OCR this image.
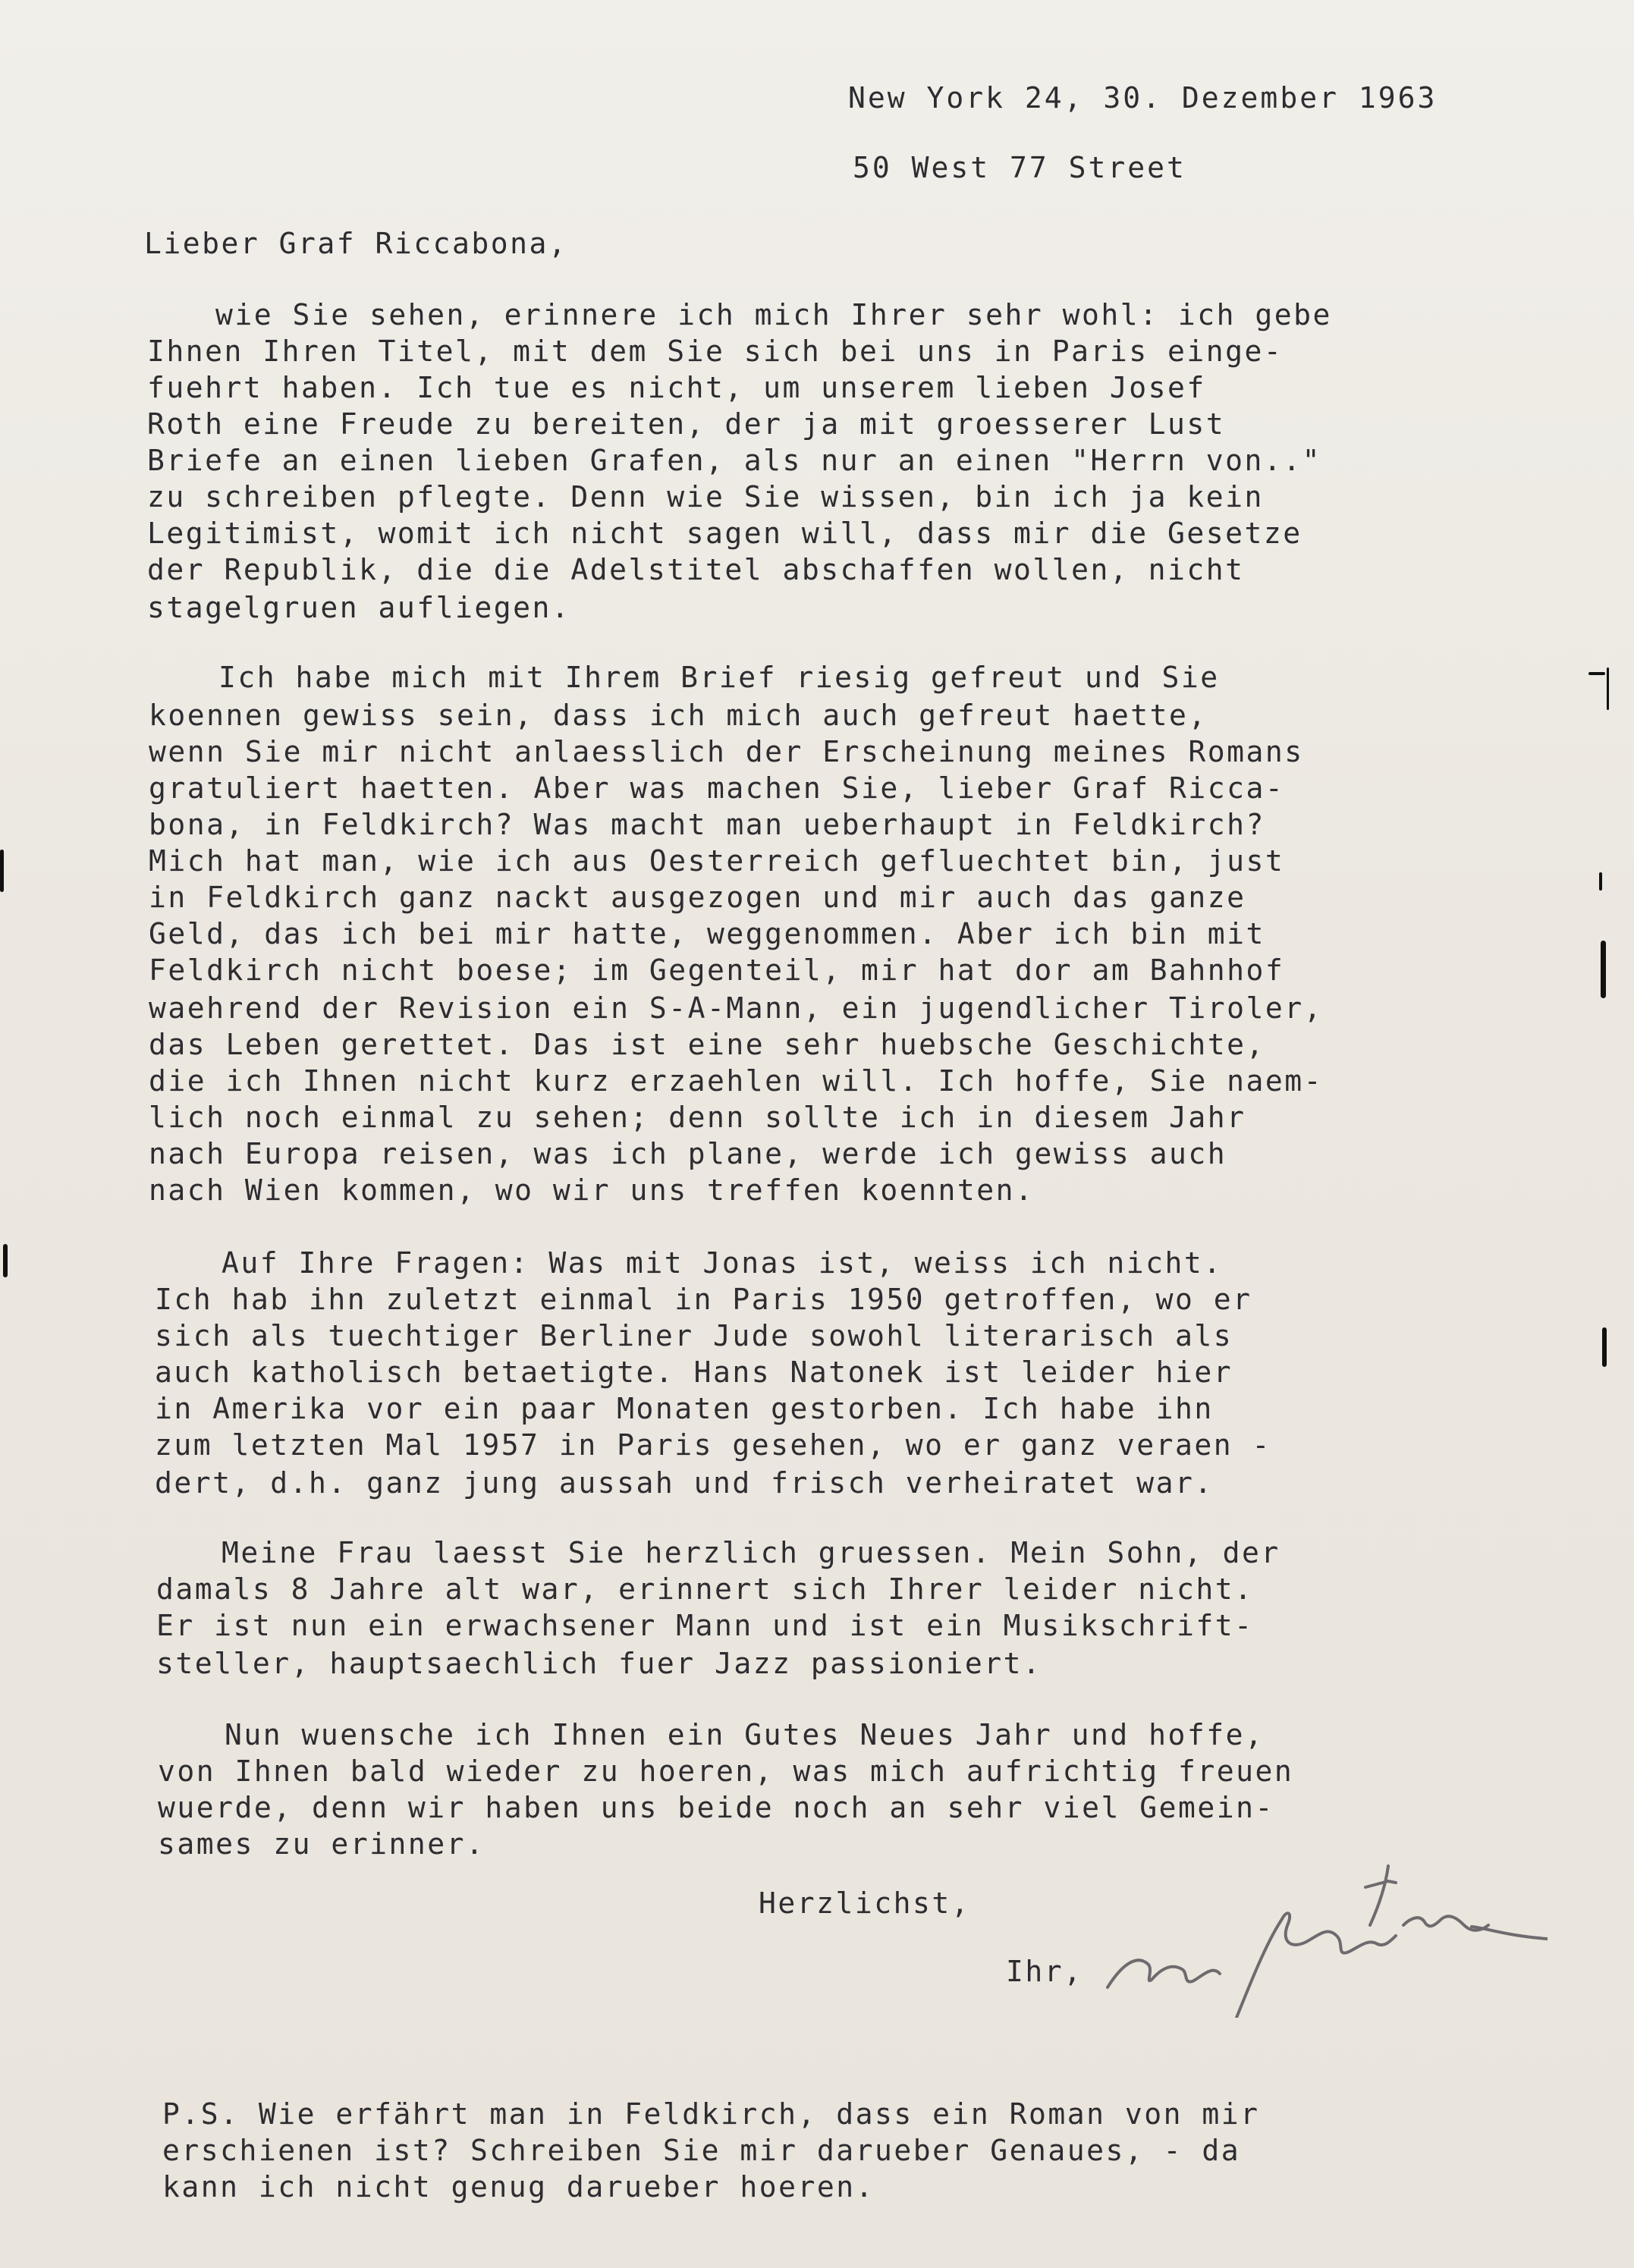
New York 24, 30. Dezember 1963
50 West 77 Street
Lieber Graf Riccabona,
wie Sie sehen, erinnere ich mich Ihrer sehr wohl: ich gebe
Ihnen Ihren Titel, mit dem Sie sich bei uns in Paris einge-
fuehrt haben. Ich tue es nicht, um unserem lieben Josef
Roth eine Freude zu bereiten, der ja mit groesserer Lust
Briefe an einen lieben Grafen, als nur an einen "Herrn von.."
zu schreiben pflegte. Denn wie Sie wissen, bin ich ja kein
Legitimist, womit ich nicht sagen will, dass mir die Gesetze
der Republik, die die Adelstitel abschaffen wollen, nicht
stagelgruen aufliegen.
Ich habe mich mit Ihrem Brief riesig gefreut und Sie
koennen gewiss sein, dass ich mich auch gefreut haette,
wenn Sie mir nicht anlaesslich der Erscheinung meines Romans
gratuliert haetten. Aber was machen Sie, lieber Graf Ricca-
bona, in Feldkirch? Was macht man ueberhaupt in Feldkirch?
Mich hat man, wie ich aus Oesterreich gefluechtet bin, just
in Feldkirch ganz nackt ausgezogen und mir auch das ganze
Geld, das ich bei mir hatte, weggenommen. Aber ich bin mit
Feldkirch nicht boese; im Gegenteil, mir hat dor am Bahnhof
waehrend der Revision ein S-A-Mann, ein jugendlicher Tiroler,
das Leben gerettet. Das ist eine sehr huebsche Geschichte,
die ich Ihnen nicht kurz erzaehlen will. Ich hoffe, Sie naem-
lich noch einmal zu sehen; denn sollte ich in diesem Jahr
nach Europa reisen, was ich plane, werde ich gewiss auch
nach Wien kommen, wo wir uns treffen koennten.
Auf Ihre Fragen: Was mit Jonas ist, weiss ich nicht.
Ich hab ihn zuletzt einmal in Paris 1950 getroffen, wo er
sich als tuechtiger Berliner Jude sowohl literarisch als
auch katholisch betaetigte. Hans Natonek ist leider hier
in Amerika vor ein paar Monaten gestorben. Ich habe ihn
zum letzten Mal 1957 in Paris gesehen, wo er ganz veraen -
dert, d.h. ganz jung aussah und frisch verheiratet war.
Meine Frau laesst Sie herzlich gruessen. Mein Sohn, der
damals 8 Jahre alt war, erinnert sich Ihrer leider nicht.
Er ist nun ein erwachsener Mann und ist ein Musikschrift-
steller, hauptsaechlich fuer Jazz passioniert.
Nun wuensche ich Ihnen ein Gutes Neues Jahr und hoffe,
von Ihnen bald wieder zu hoeren, was mich aufrichtig freuen
wuerde, denn wir haben uns beide noch an sehr viel Gemein-
sames zu erinner.
Herzlichst,
Ihr,
P.S. Wie erfährt man in Feldkirch, dass ein Roman von mir
erschienen ist? Schreiben Sie mir darueber Genaues, - da
kann ich nicht genug darueber hoeren.
